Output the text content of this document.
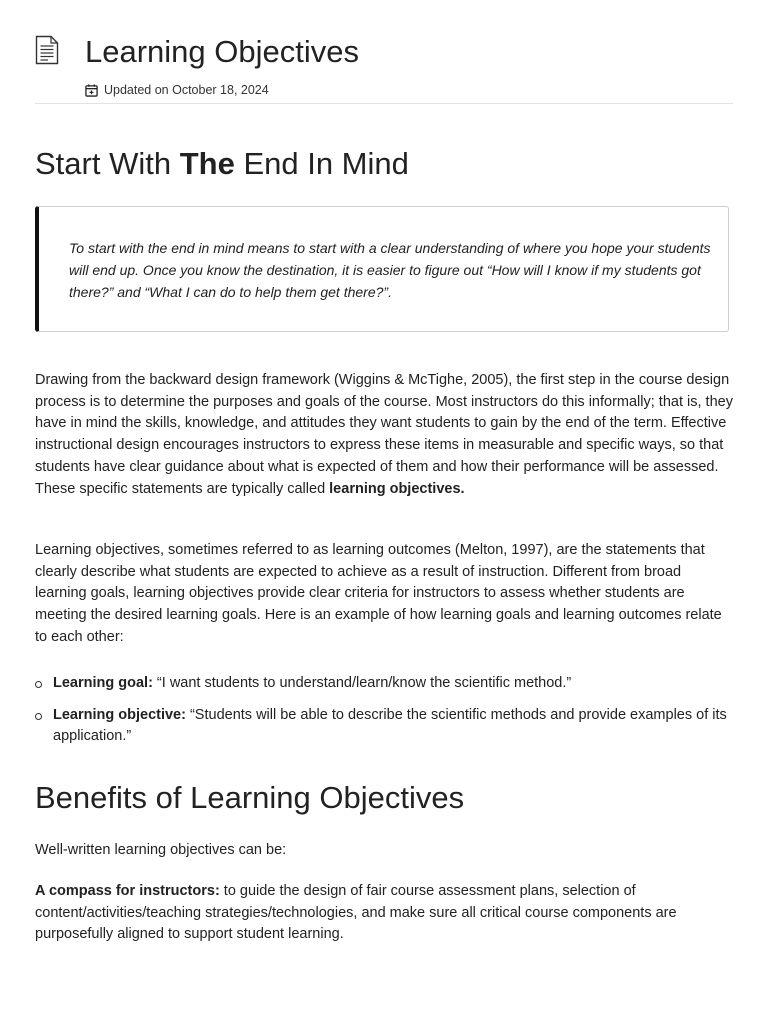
Learning Objectives
Updated on October 18, 2024
Start With The End In Mind

To start with the end in mind means to start with a clear understanding of where you hope your students will end up. Once you know the destination, it is easier to figure out “How will I know if my students got there?” and “What I can do to help them get there?”.

Drawing from the backward design framework (Wiggins & McTighe, 2005), the first step in the course design process is to determine the purposes and goals of the course. Most instructors do this informally; that is, they have in mind the skills, knowledge, and attitudes they want students to gain by the end of the term. Effective instructional design encourages instructors to express these items in measurable and specific ways, so that students have clear guidance about what is expected of them and how their performance will be assessed. These specific statements are typically called learning objectives.

Learning objectives, sometimes referred to as learning outcomes (Melton, 1997), are the statements that clearly describe what students are expected to achieve as a result of instruction. Different from broad learning goals, learning objectives provide clear criteria for instructors to assess whether students are meeting the desired learning goals. Here is an example of how learning goals and learning outcomes relate to each other:

Learning goal: “I want students to understand/learn/know the scientific method.”
Learning objective: “Students will be able to describe the scientific methods and provide examples of its application.”
Benefits of Learning Objectives

Well-written learning objectives can be:

A compass for instructors: to guide the design of fair course assessment plans, selection of content/activities/teaching strategies/technologies, and make sure all critical course components are purposefully aligned to support student learning.
